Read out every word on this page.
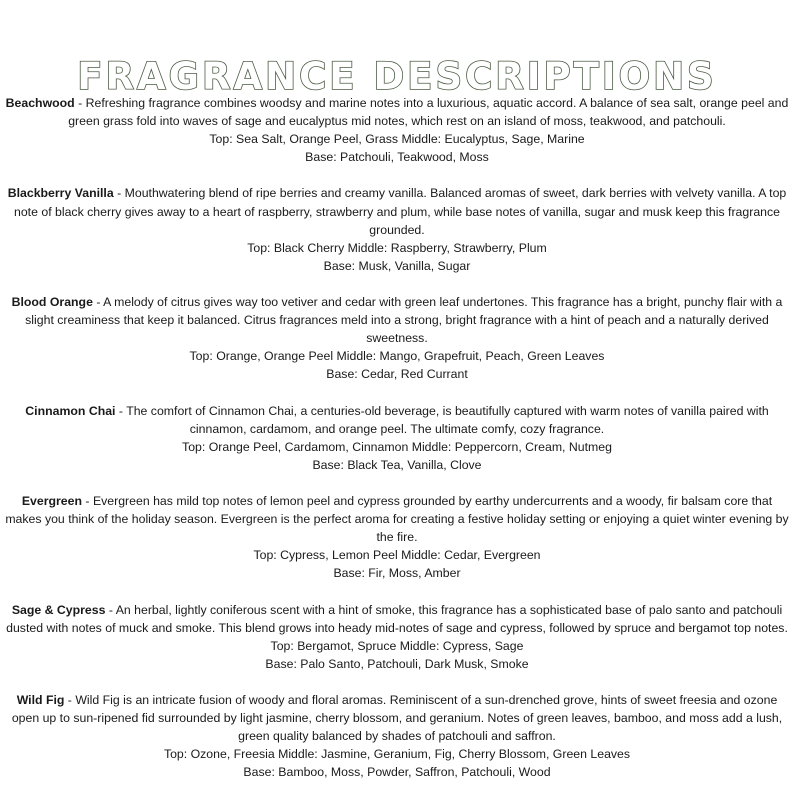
FRAGRANCE DESCRIPTIONS

Beachwood - Refreshing fragrance combines woodsy and marine notes into a luxurious, aquatic accord. A balance of sea salt, orange peel and green grass fold into waves of sage and eucalyptus mid notes, which rest on an island of moss, teakwood, and patchouli.

Top: Sea Salt, Orange Peel, Grass Middle: Eucalyptus, Sage, Marine

Base: Patchouli, Teakwood, Moss

Blackberry Vanilla - Mouthwatering blend of ripe berries and creamy vanilla. Balanced aromas of sweet, dark berries with velvety vanilla. A top note of black cherry gives away to a heart of raspberry, strawberry and plum, while base notes of vanilla, sugar and musk keep this fragrance grounded.

Top: Black Cherry Middle: Raspberry, Strawberry, Plum

Base: Musk, Vanilla, Sugar

Blood Orange - A melody of citrus gives way too vetiver and cedar with green leaf undertones. This fragrance has a bright, punchy flair with a slight creaminess that keep it balanced. Citrus fragrances meld into a strong, bright fragrance with a hint of peach and a naturally derived sweetness.

Top: Orange, Orange Peel Middle: Mango, Grapefruit, Peach, Green Leaves

Base: Cedar, Red Currant

Cinnamon Chai - The comfort of Cinnamon Chai, a centuries-old beverage, is beautifully captured with warm notes of vanilla paired with cinnamon, cardamom, and orange peel. The ultimate comfy, cozy fragrance.

Top: Orange Peel, Cardamom, Cinnamon Middle: Peppercorn, Cream, Nutmeg

Base: Black Tea, Vanilla, Clove

Evergreen - Evergreen has mild top notes of lemon peel and cypress grounded by earthy undercurrents and a woody, fir balsam core that makes you think of the holiday season. Evergreen is the perfect aroma for creating a festive holiday setting or enjoying a quiet winter evening by the fire.

Top: Cypress, Lemon Peel Middle: Cedar, Evergreen

Base: Fir, Moss, Amber

Sage & Cypress - An herbal, lightly coniferous scent with a hint of smoke, this fragrance has a sophisticated base of palo santo and patchouli dusted with notes of muck and smoke. This blend grows into heady mid-notes of sage and cypress, followed by spruce and bergamot top notes.

Top: Bergamot, Spruce Middle: Cypress, Sage

Base: Palo Santo, Patchouli, Dark Musk, Smoke

Wild Fig - Wild Fig is an intricate fusion of woody and floral aromas. Reminiscent of a sun-drenched grove, hints of sweet freesia and ozone open up to sun-ripened fid surrounded by light jasmine, cherry blossom, and geranium. Notes of green leaves, bamboo, and moss add a lush, green quality balanced by shades of patchouli and saffron.

Top: Ozone, Freesia Middle: Jasmine, Geranium, Fig, Cherry Blossom, Green Leaves

Base: Bamboo, Moss, Powder, Saffron, Patchouli, Wood
